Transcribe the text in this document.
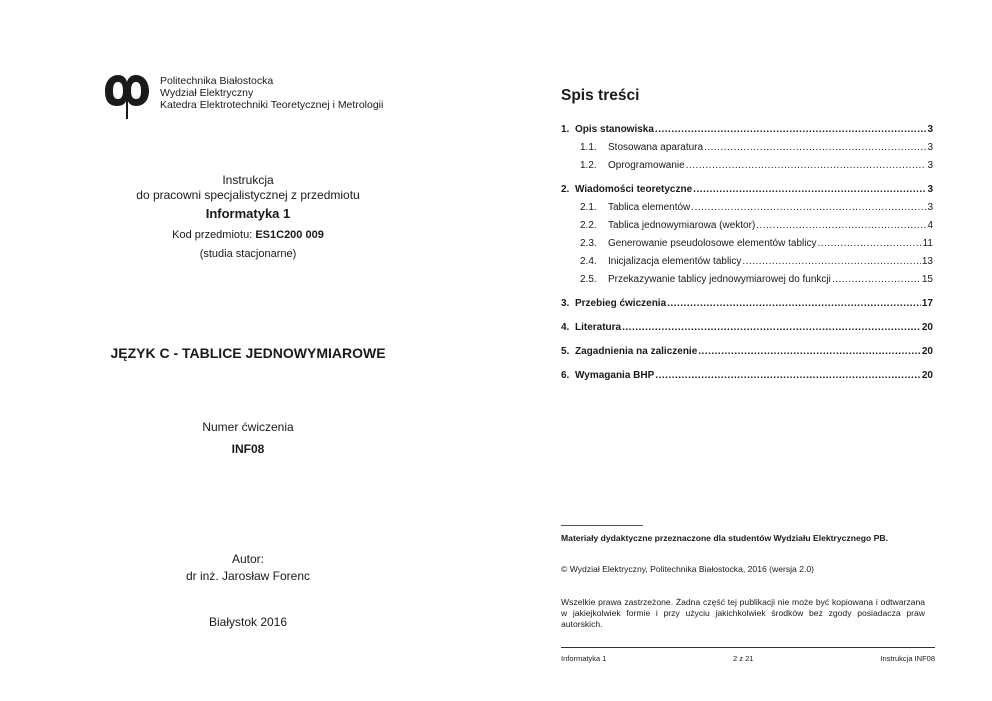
Politechnika Białostocka
Wydział Elektryczny
Katedra Elektrotechniki Teoretycznej i Metrologii
Instrukcja
do pracowni specjalistycznej z przedmiotu
Informatyka 1
Kod przedmiotu: ES1C200 009
(studia stacjonarne)
JĘZYK C - TABLICE JEDNOWYMIAROWE
Numer ćwiczenia
INF08
Autor:
dr inż. Jarosław Forenc
Białystok 2016
Spis treści
1. Opis stanowiska .....	3
1.1.	Stosowana aparatura .....	3
1.2.	Oprogramowanie .....	3
2. Wiadomości teoretyczne .....	3
2.1.	Tablica elementów .....	3
2.2.	Tablica jednowymiarowa (wektor) .....	4
2.3.	Generowanie pseudolosowe elementów tablicy .....	11
2.4.	Inicjalizacja elementów tablicy .....	13
2.5.	Przekazywanie tablicy jednowymiarowej do funkcji .....	15
3. Przebieg ćwiczenia .....	17
4. Literatura .....	20
5. Zagadnienia na zaliczenie .....	20
6. Wymagania BHP .....	20
Materiały dydaktyczne przeznaczone dla studentów Wydziału Elektrycznego PB.
© Wydział Elektryczny, Politechnika Białostocka, 2016 (wersja 2.0)
Wszelkie prawa zastrzeżone. Żadna część tej publikacji nie może być kopiowana i odtwarzana w jakiejkolwiek formie i przy użyciu jakichkolwiek środków bez zgody posiadacza praw autorskich.
Informatyka 1	2 z 21	Instrukcja INF08
